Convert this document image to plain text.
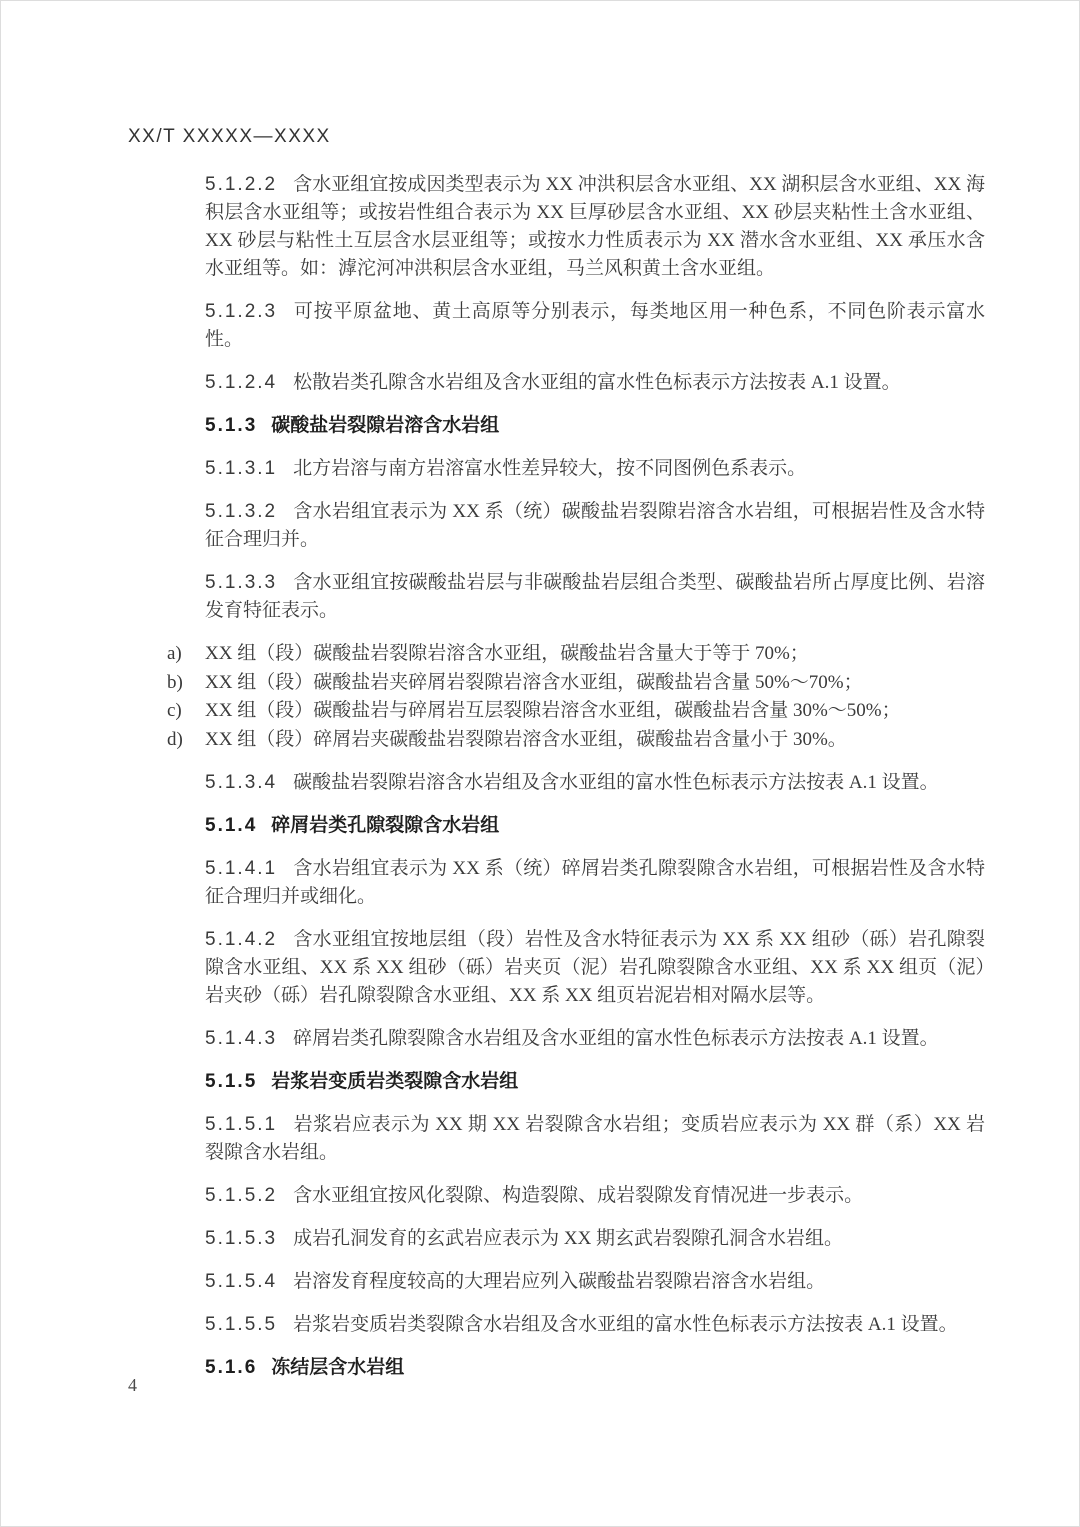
XX/T XXXXX—XXXX

5.1.2.2 含水亚组宜按成因类型表示为 XX 冲洪积层含水亚组、XX 湖积层含水亚组、XX 海积层含水亚组等；或按岩性组合表示为 XX 巨厚砂层含水亚组、XX 砂层夹粘性土含水亚组、XX 砂层与粘性土互层含水层亚组等；或按水力性质表示为 XX 潜水含水亚组、XX 承压水含水亚组等。如：滹沱河冲洪积层含水亚组，马兰风积黄土含水亚组。

5.1.2.3 可按平原盆地、黄土高原等分别表示，每类地区用一种色系，不同色阶表示富水性。

5.1.2.4 松散岩类孔隙含水岩组及含水亚组的富水性色标表示方法按表 A.1 设置。

5.1.3 碳酸盐岩裂隙岩溶含水岩组

5.1.3.1 北方岩溶与南方岩溶富水性差异较大，按不同图例色系表示。

5.1.3.2 含水岩组宜表示为 XX 系（统）碳酸盐岩裂隙岩溶含水岩组，可根据岩性及含水特征合理归并。

5.1.3.3 含水亚组宜按碳酸盐岩层与非碳酸盐岩层组合类型、碳酸盐岩所占厚度比例、岩溶发育特征表示。

a)	XX 组（段）碳酸盐岩裂隙岩溶含水亚组，碳酸盐岩含量大于等于 70%；
b)	XX 组（段）碳酸盐岩夹碎屑岩裂隙岩溶含水亚组，碳酸盐岩含量 50%～70%；
c)	XX 组（段）碳酸盐岩与碎屑岩互层裂隙岩溶含水亚组，碳酸盐岩含量 30%～50%；
d)	XX 组（段）碎屑岩夹碳酸盐岩裂隙岩溶含水亚组，碳酸盐岩含量小于 30%。

5.1.3.4 碳酸盐岩裂隙岩溶含水岩组及含水亚组的富水性色标表示方法按表 A.1 设置。

5.1.4 碎屑岩类孔隙裂隙含水岩组

5.1.4.1 含水岩组宜表示为 XX 系（统）碎屑岩类孔隙裂隙含水岩组，可根据岩性及含水特征合理归并或细化。

5.1.4.2 含水亚组宜按地层组（段）岩性及含水特征表示为 XX 系 XX 组砂（砾）岩孔隙裂隙含水亚组、XX 系 XX 组砂（砾）岩夹页（泥）岩孔隙裂隙含水亚组、XX 系 XX 组页（泥）岩夹砂（砾）岩孔隙裂隙含水亚组、XX 系 XX 组页岩泥岩相对隔水层等。

5.1.4.3 碎屑岩类孔隙裂隙含水岩组及含水亚组的富水性色标表示方法按表 A.1 设置。

5.1.5 岩浆岩变质岩类裂隙含水岩组

5.1.5.1 岩浆岩应表示为 XX 期 XX 岩裂隙含水岩组；变质岩应表示为 XX 群（系）XX 岩裂隙含水岩组。

5.1.5.2 含水亚组宜按风化裂隙、构造裂隙、成岩裂隙发育情况进一步表示。

5.1.5.3 成岩孔洞发育的玄武岩应表示为 XX 期玄武岩裂隙孔洞含水岩组。

5.1.5.4 岩溶发育程度较高的大理岩应列入碳酸盐岩裂隙岩溶含水岩组。

5.1.5.5 岩浆岩变质岩类裂隙含水岩组及含水亚组的富水性色标表示方法按表 A.1 设置。

5.1.6 冻结层含水岩组

4
